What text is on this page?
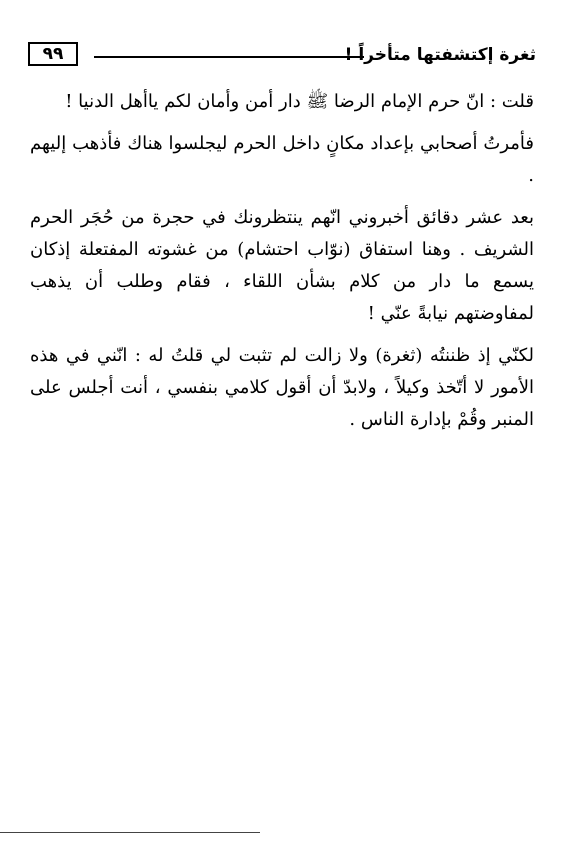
٩٩	ثغرة إكتشفتها متأخراً !

قلت : انّ حرم الإمام الرضا ﷺ دار أمن وأمان لكم ياأهل الدنيا !

فأمرتُ أصحابي بإعداد مكانٍ داخل الحرم ليجلسوا هناك فأذهب إليهم .

بعد عشر دقائق أخبروني انّهم ينتظرونك في حجرة من حُجَر الحرم الشريف . وهنا استفاق (نوّاب احتشام) من غشوته المفتعلة إذكان يسمع ما دار من كلام بشأن اللقاء ، فقام وطلب أن يذهب لمفاوضتهم نيابةً عنّي !

لكنّي إذ ظننتُه (ثغرة) ولا زالت لم تثبت لي قلتُ له : انّني في هذه الأمور لا أتّخذ وكيلاً ، ولابدّ أن أقول كلامي بنفسي ، أنت أجلس على المنبر وقُمْ بإدارة الناس .
